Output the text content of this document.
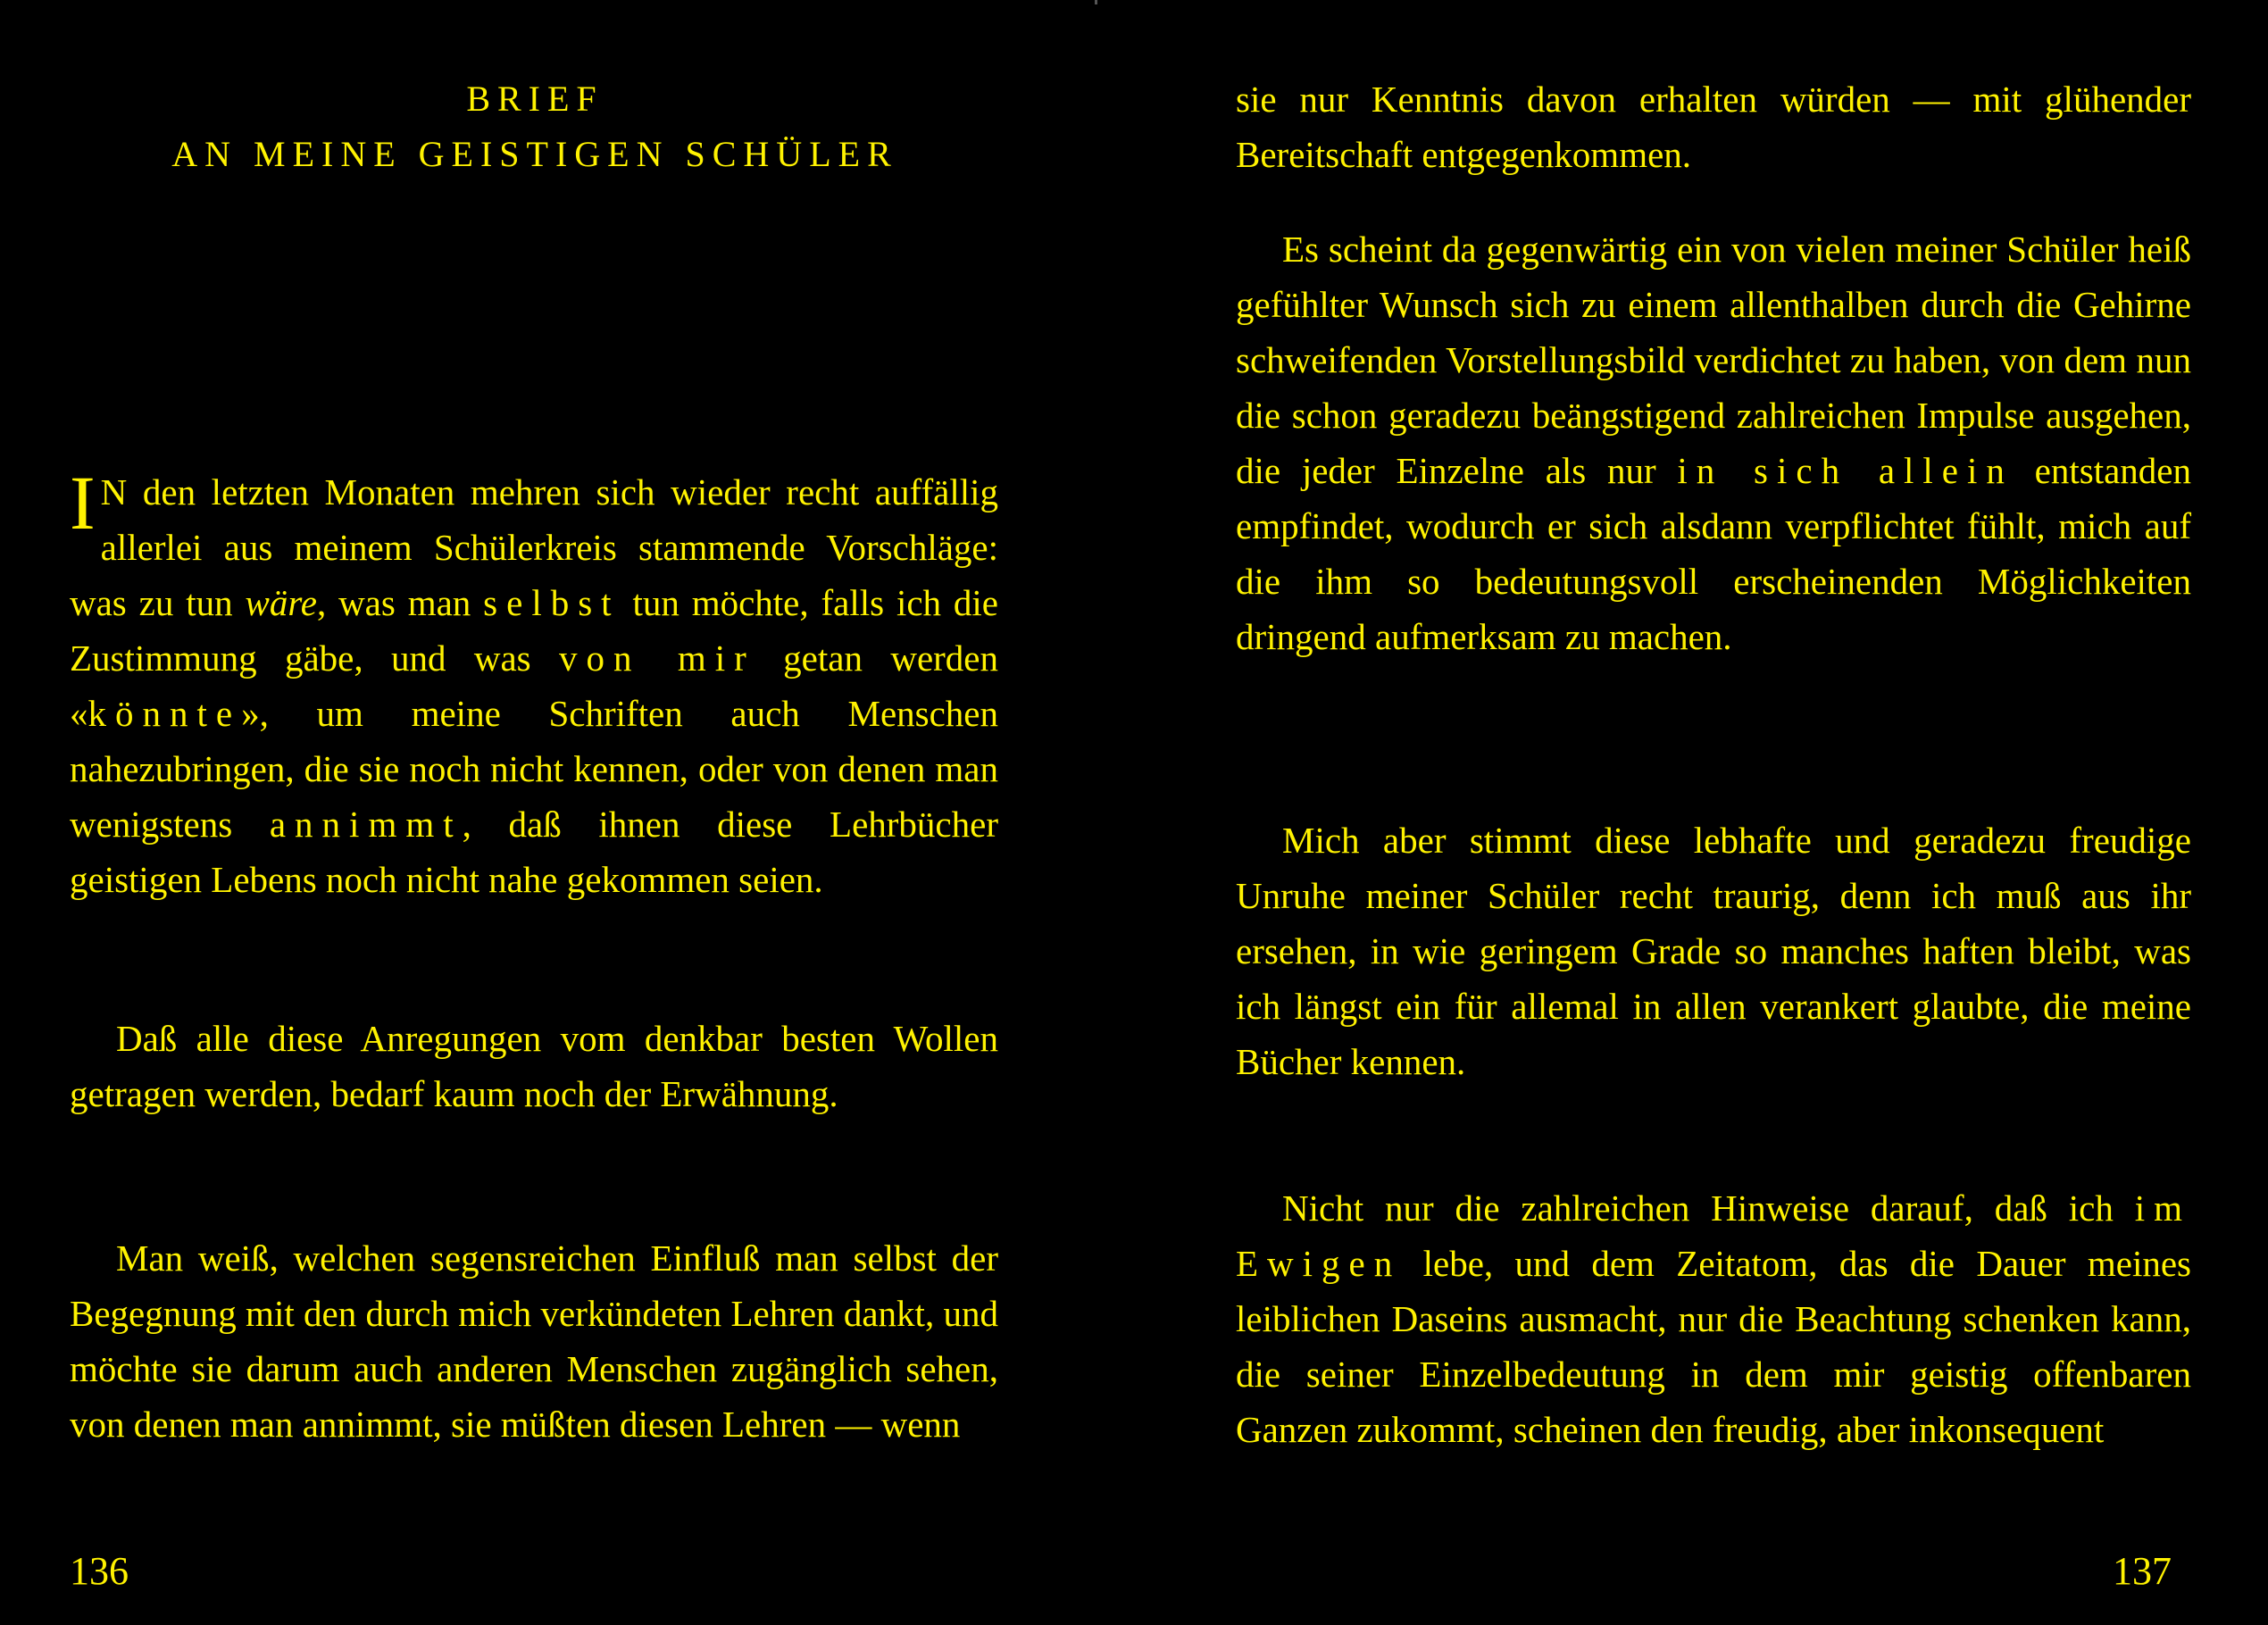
BRIEF
AN MEINE GEISTIGEN SCHÜLER

I N den letzten Monaten mehren sich wieder recht auffällig allerlei aus meinem Schülerkreis stammende Vorschläge: was zu tun wäre, was man selbst tun möchte, falls ich die Zustimmung gäbe, und was von mir getan werden «könnte», um meine Schriften auch Menschen nahezubringen, die sie noch nicht kennen, oder von denen man wenigstens annimmt, daß ihnen diese Lehrbücher geistigen Lebens noch nicht nahe gekommen seien.

Daß alle diese Anregungen vom denkbar besten Wollen getragen werden, bedarf kaum noch der Erwähnung.

Man weiß, welchen segensreichen Einfluß man selbst der Begegnung mit den durch mich verkündeten Lehren dankt, und möchte sie darum auch anderen Menschen zugänglich sehen, von denen man annimmt, sie müßten diesen Lehren — wenn

136

sie nur Kenntnis davon erhalten würden — mit glühender Bereitschaft entgegenkommen.

Es scheint da gegenwärtig ein von vielen meiner Schüler heiß gefühlter Wunsch sich zu einem allenthalben durch die Gehirne schweifenden Vorstellungsbild verdichtet zu haben, von dem nun die schon geradezu beängstigend zahlreichen Impulse ausgehen, die jeder Einzelne als nur in sich allein entstanden empfindet, wodurch er sich alsdann verpflichtet fühlt, mich auf die ihm so bedeutungsvoll erscheinenden Möglichkeiten dringend aufmerksam zu machen.

Mich aber stimmt diese lebhafte und geradezu freudige Unruhe meiner Schüler recht traurig, denn ich muß aus ihr ersehen, in wie geringem Grade so manches haften bleibt, was ich längst ein für allemal in allen verankert glaubte, die meine Bücher kennen.

Nicht nur die zahlreichen Hinweise darauf, daß ich im Ewigen lebe, und dem Zeitatom, das die Dauer meines leiblichen Daseins ausmacht, nur die Beachtung schenken kann, die seiner Einzelbedeutung in dem mir geistig offenbaren Ganzen zukommt, scheinen den freudig, aber inkonsequent

137
